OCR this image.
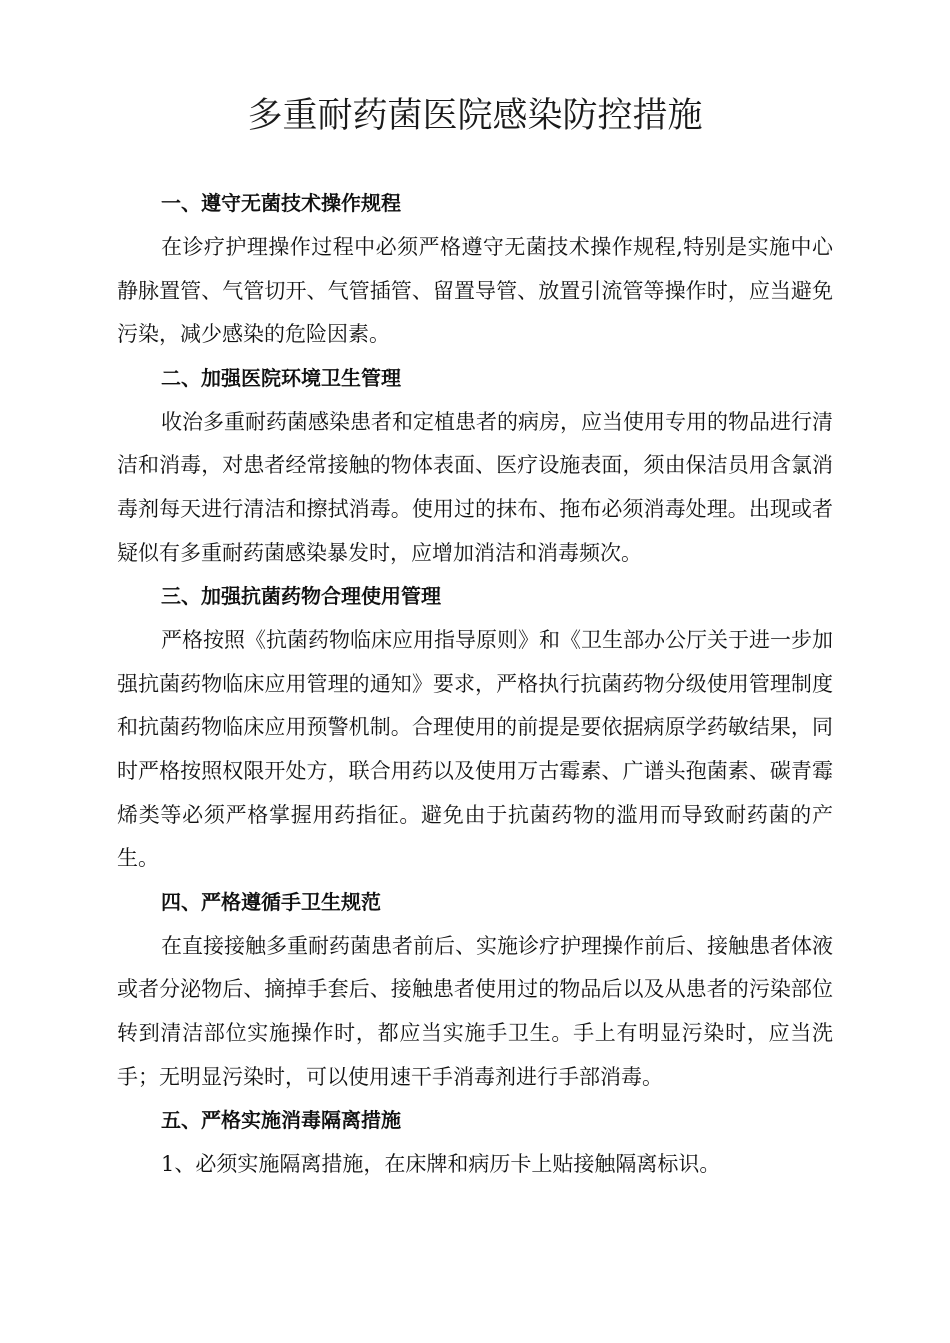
多重耐药菌医院感染防控措施
一、遵守无菌技术操作规程

在诊疗护理操作过程中必须严格遵守无菌技术操作规程,特别是实施中心静脉置管、气管切开、气管插管、留置导管、放置引流管等操作时，应当避免污染，减少感染的危险因素。

二、加强医院环境卫生管理

收治多重耐药菌感染患者和定植患者的病房，应当使用专用的物品进行清洁和消毒，对患者经常接触的物体表面、医疗设施表面，须由保洁员用含氯消毒剂每天进行清洁和擦拭消毒。使用过的抹布、拖布必须消毒处理。出现或者疑似有多重耐药菌感染暴发时，应增加消洁和消毒频次。

三、加强抗菌药物合理使用管理

严格按照《抗菌药物临床应用指导原则》和《卫生部办公厅关于进一步加强抗菌药物临床应用管理的通知》要求，严格执行抗菌药物分级使用管理制度和抗菌药物临床应用预警机制。合理使用的前提是要依据病原学药敏结果，同时严格按照权限开处方，联合用药以及使用万古霉素、广谱头孢菌素、碳青霉烯类等必须严格掌握用药指征。避免由于抗菌药物的滥用而导致耐药菌的产生。

四、严格遵循手卫生规范

在直接接触多重耐药菌患者前后、实施诊疗护理操作前后、接触患者体液或者分泌物后、摘掉手套后、接触患者使用过的物品后以及从患者的污染部位转到清洁部位实施操作时，都应当实施手卫生。手上有明显污染时，应当洗手；无明显污染时，可以使用速干手消毒剂进行手部消毒。

五、严格实施消毒隔离措施

1、必须实施隔离措施，在床牌和病历卡上贴接触隔离标识。
